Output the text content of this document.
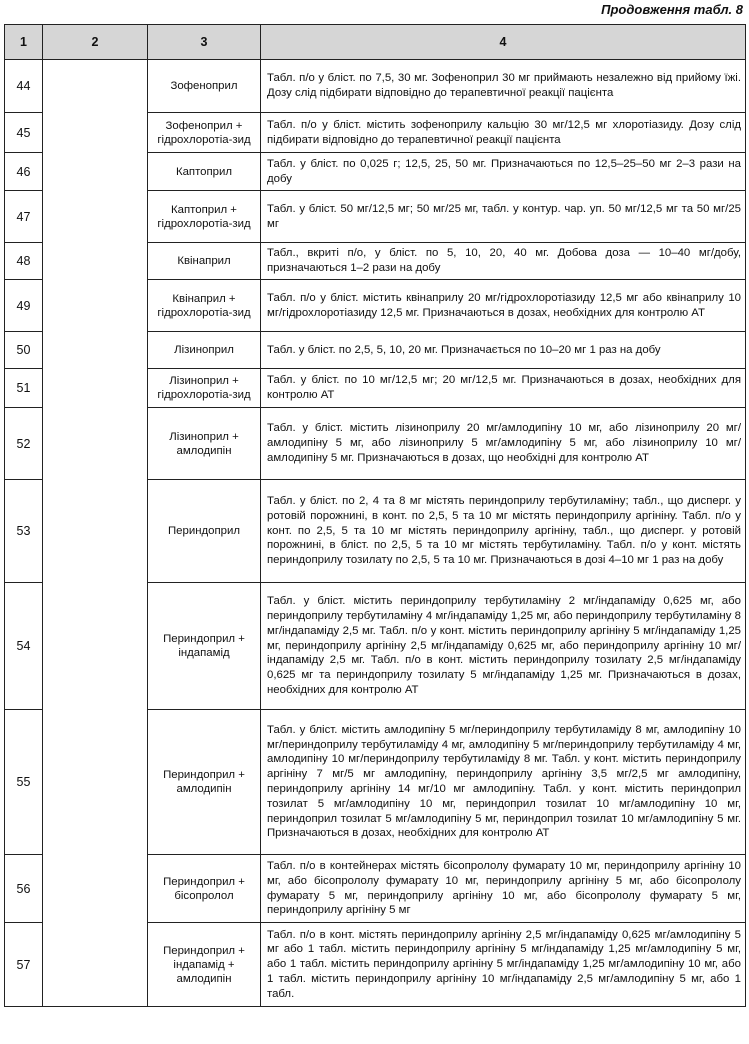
Продовження табл. 8
1	2	3	4
44		Зофеноприл	Табл. п/о у бліст. по 7,5, 30 мг. Зофеноприл 30 мг приймають незалежно від прийому їжі. Дозу слід підбирати відповідно до терапевтичної реакції пацієнта
45		Зофеноприл + гідрохлоротіа-зид	Табл. п/о у бліст. містить зофеноприлу кальцію 30 мг/12,5 мг хлоротіазиду. Дозу слід підбирати відповідно до терапевтичної реакції пацієнта
46		Каптоприл	Табл. у бліст. по 0,025 г; 12,5, 25, 50 мг. Призначаються по 12,5–25–50 мг 2–3 рази на добу
47		Каптоприл + гідрохлоротіа-зид	Табл. у бліст. 50 мг/12,5 мг; 50 мг/25 мг, табл. у контур. чар. уп. 50 мг/12,5 мг та 50 мг/25 мг
48		Квінаприл	Табл., вкриті п/о, у бліст. по 5, 10, 20, 40 мг. Добова доза — 10–40 мг/добу, призначаються 1–2 рази на добу
49		Квінаприл + гідрохлоротіа-зид	Табл. п/о у бліст. містить квінаприлу 20 мг/гідрохлоротіазиду 12,5 мг або квінаприлу 10 мг/гідрохлоротіазиду 12,5 мг. Призначаються в дозах, необхідних для контролю АТ
50		Лізиноприл	Табл. у бліст. по 2,5, 5, 10, 20 мг. Призначається по 10–20 мг 1 раз на добу
51		Лізиноприл + гідрохлоротіа-зид	Табл. у бліст. по 10 мг/12,5 мг; 20 мг/12,5 мг. Призначаються в дозах, необхідних для контролю АТ
52		Лізиноприл + амлодипін	Табл. у бліст. містить лізиноприлу 20 мг/амлодипіну 10 мг, або лізиноприлу 20 мг/амлодипіну 5 мг, або лізиноприлу 5 мг/амлодипіну 5 мг, або лізиноприлу 10 мг/амлодипіну 5 мг. Призначаються в дозах, що необхідні для контролю АТ
53		Периндоприл	Табл. у бліст. по 2, 4 та 8 мг містять периндоприлу тербутиламіну; табл., що дисперг. у ротовій порожнині, в конт. по 2,5, 5 та 10 мг містять периндоприлу аргініну. Табл. п/о у конт. по 2,5, 5 та 10 мг містять периндоприлу аргініну, табл., що дисперг. у ротовій порожнині, в бліст. по 2,5, 5 та 10 мг містять тербутиламіну. Табл. п/о у конт. містять периндоприлу тозилату по 2,5, 5 та 10 мг. Призначаються в дозі 4–10 мг 1 раз на добу
54		Периндоприл + індапамід	Табл. у бліст. містить периндоприлу тербутиламіну 2 мг/індапаміду 0,625 мг, або периндоприлу тербутиламіну 4 мг/індапаміду 1,25 мг, або периндоприлу тербутиламіну 8 мг/індапаміду 2,5 мг. Табл. п/о у конт. містить периндоприлу аргініну 5 мг/індапаміду 1,25 мг, периндоприлу аргініну 2,5 мг/індапаміду 0,625 мг, або периндоприлу аргініну 10 мг/індапаміду 2,5 мг. Табл. п/о в конт. містить периндоприлу тозилату 2,5 мг/індапаміду 0,625 мг та периндоприлу тозилату 5 мг/індапаміду 1,25 мг. Призначаються в дозах, необхідних для контролю АТ
55		Периндоприл + амлодипін	Табл. у бліст. містить амлодипіну 5 мг/периндоприлу тербутиламіду 8 мг, амлодипіну 10 мг/периндоприлу тербутиламіду 4 мг, амлодипіну 5 мг/периндоприлу тербутиламіду 4 мг, амлодипіну 10 мг/периндоприлу тербутиламіду 8 мг. Табл. у конт. містить периндоприлу аргініну 7 мг/5 мг амлодипіну, периндоприлу аргініну 3,5 мг/2,5 мг амлодипіну, периндоприлу аргініну 14 мг/10 мг амлодипіну. Табл. у конт. містить периндоприл тозилат 5 мг/амлодипіну 10 мг, периндоприл тозилат 10 мг/амлодипіну 10 мг, периндоприл тозилат 5 мг/амлодипіну 5 мг, периндоприл тозилат 10 мг/амлодипіну 5 мг. Призначаються в дозах, необхідних для контролю АТ
56		Периндоприл + бісопролол	Табл. п/о в контейнерах містять бісопрололу фумарату 10 мг, периндоприлу аргініну 10 мг, або бісопрололу фумарату 10 мг, периндоприлу аргініну 5 мг, або бісопрололу фумарату 5 мг, периндоприлу аргініну 10 мг, або бісопрололу фумарату 5 мг, периндоприлу аргініну 5 мг
57		Периндоприл + індапамід + амлодипін	Табл. п/о в конт. містять периндоприлу аргініну 2,5 мг/індапаміду 0,625 мг/амлодипіну 5 мг або 1 табл. містить периндоприлу аргініну 5 мг/індапаміду 1,25 мг/амлодипіну 5 мг, або 1 табл. містить периндоприлу аргініну 5 мг/індапаміду 1,25 мг/амлодипіну 10 мг, або 1 табл. містить периндоприлу аргініну 10 мг/індапаміду 2,5 мг/амлодипіну 5 мг, або 1 табл.
